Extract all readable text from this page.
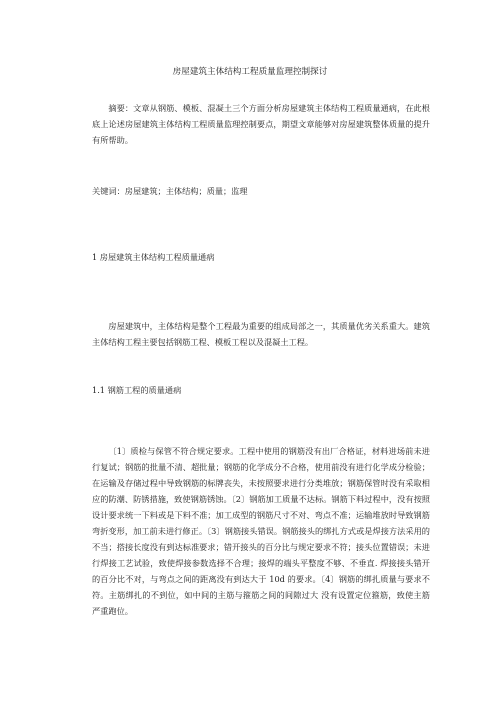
房屋建筑主体结构工程质量监理控制探讨

摘要：文章从钢筋、模板、混凝土三个方面分析房屋建筑主体结构工程质量通病，在此根底上论述房屋建筑主体结构工程质量监理控制要点，期望文章能够对房屋建筑整体质量的提升有所帮助。

关键词：房屋建筑；主体结构；质量；监理
1 房屋建筑主体结构工程质量通病

房屋建筑中，主体结构是整个工程最为重要的组成局部之一，其质量优劣关系重大。建筑主体结构工程主要包括钢筋工程、模板工程以及混凝土工程。

1.1 钢筋工程的质量通病

〔1〕质检与保管不符合规定要求。工程中使用的钢筋没有出厂合格证，材料进场前未进行复试；钢筋的批量不清、超批量；钢筋的化学成分不合格，使用前没有进行化学成分检验；在运输及存储过程中导致钢筋的标牌丧失，未按照要求进行分类堆放；钢筋保管时没有采取相应的防潮、防锈措施，致使钢筋锈蚀。〔2〕钢筋加工质量不达标。钢筋下料过程中，没有按照设计要求统一下料或是下料不准；加工成型的钢筋尺寸不对、弯点不准；运输堆放时导致钢筋弯折变形，加工前未进行修正。〔3〕钢筋接头错误。钢筋接头的绑扎方式或是焊接方法采用的不当；搭接长度没有到达标准要求；错开接头的百分比与规定要求不符；接头位置错误；未进行焊接工艺试验，致使焊接参数选择不合理；接焊的端头平整度不够、不垂直. 焊接接头错开的百分比不对，与弯点之间的距离没有到达大于 10d 的要求。〔4〕钢筋的绑扎质量与要求不符。主筋绑扎的不到位，如中间的主筋与箍筋之间的间隙过大 没有设置定位箍筋，致使主筋严重跑位。
